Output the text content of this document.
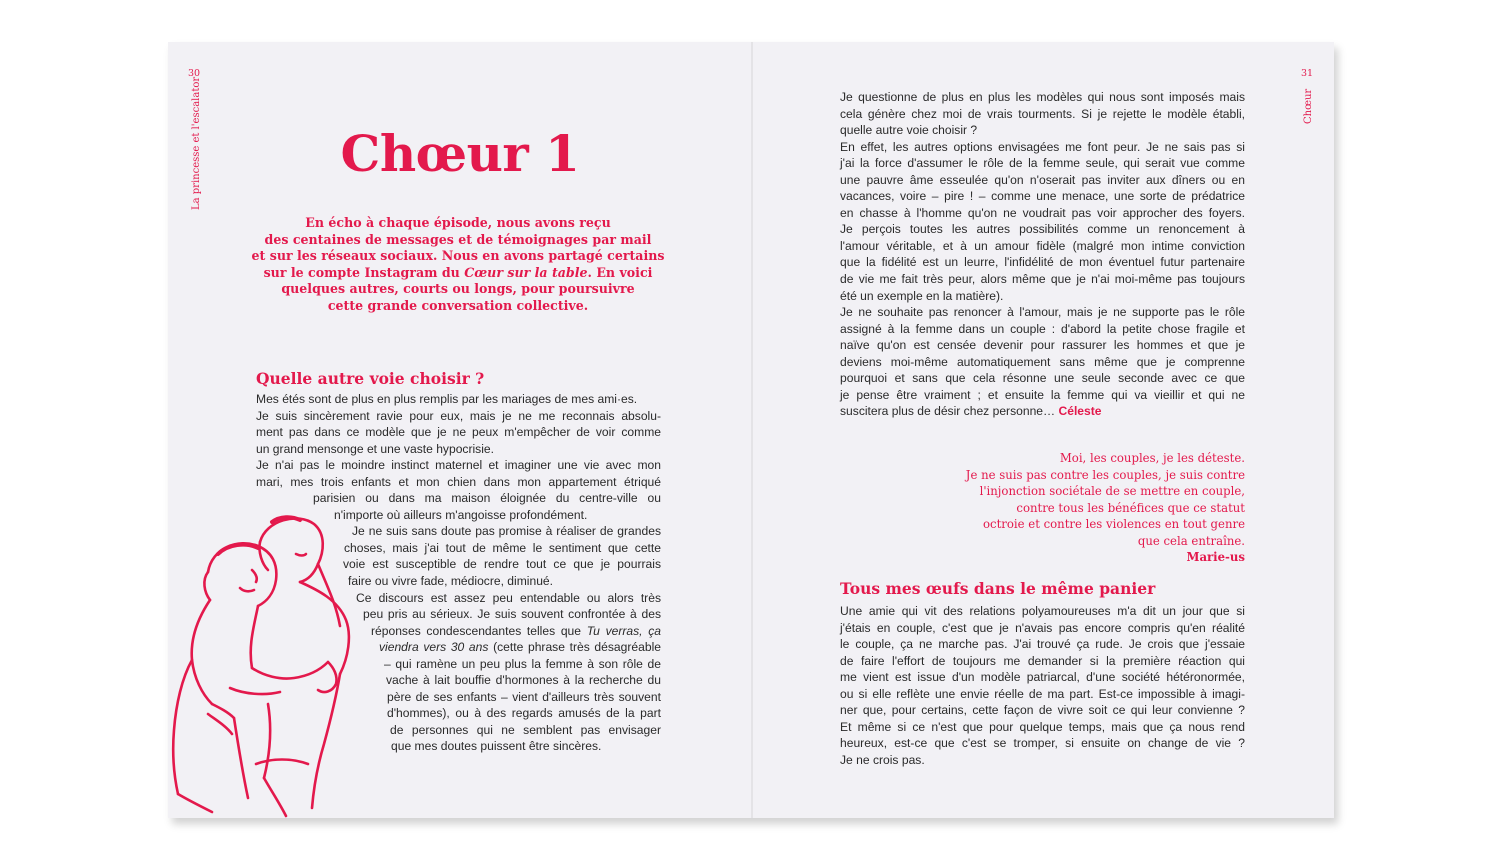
30
La princesse et l'escalator	Chœur 1

En écho à chaque épisode, nous avons reçu

des centaines de messages et de témoignages par mail

et sur les réseaux sociaux. Nous en avons partagé certains

sur le compte Instagram du Cœur sur la table. En voici

quelques autres, courts ou longs, pour poursuivre

cette grande conversation collective.

Quelle autre voie choisir ?
Mes étés sont de plus en plus remplis par les mariages de mes ami·es.
Je suis sincèrement ravie pour eux, mais je ne me reconnais absolu-
ment pas dans ce modèle que je ne peux m'empêcher de voir comme
un grand mensonge et une vaste hypocrisie.
Je n'ai pas le moindre instinct maternel et imaginer une vie avec mon
mari, mes trois enfants et mon chien dans mon appartement étriqué
parisien ou dans ma maison éloignée du centre-ville ou
n'importe où ailleurs m'angoisse profondément.
Je ne suis sans doute pas promise à réaliser de grandes
choses, mais j'ai tout de même le sentiment que cette
voie est susceptible de rendre tout ce que je pourrais
faire ou vivre fade, médiocre, diminué.
Ce discours est assez peu entendable ou alors très
peu pris au sérieux. Je suis souvent confrontée à des
réponses condescendantes telles que Tu verras, ça
viendra vers 30 ans (cette phrase très désagréable
– qui ramène un peu plus la femme à son rôle de
vache à lait bouffie d'hormones à la recherche du
père de ses enfants – vient d'ailleurs très souvent
d'hommes), ou à des regards amusés de la part
de personnes qui ne semblent pas envisager
que mes doutes puissent être sincères.
31
Chœur
Je questionne de plus en plus les modèles qui nous sont imposés mais
cela génère chez moi de vrais tourments. Si je rejette le modèle établi,
quelle autre voie choisir ?
En effet, les autres options envisagées me font peur. Je ne sais pas si
j'ai la force d'assumer le rôle de la femme seule, qui serait vue comme
une pauvre âme esseulée qu'on n'oserait pas inviter aux dîners ou en
vacances, voire – pire ! – comme une menace, une sorte de prédatrice
en chasse à l'homme qu'on ne voudrait pas voir approcher des foyers.
Je perçois toutes les autres possibilités comme un renoncement à
l'amour véritable, et à un amour fidèle (malgré mon intime conviction
que la fidélité est un leurre, l'infidélité de mon éventuel futur partenaire
de vie me fait très peur, alors même que je n'ai moi-même pas toujours
été un exemple en la matière).
Je ne souhaite pas renoncer à l'amour, mais je ne supporte pas le rôle
assigné à la femme dans un couple : d'abord la petite chose fragile et
naïve qu'on est censée devenir pour rassurer les hommes et que je
deviens moi-même automatiquement sans même que je comprenne
pourquoi et sans que cela résonne une seule seconde avec ce que
je pense être vraiment ; et ensuite la femme qui va vieillir et qui ne
suscitera plus de désir chez personne… Céleste
Moi, les couples, je les déteste.
Je ne suis pas contre les couples, je suis contre
l'injonction sociétale de se mettre en couple,
contre tous les bénéfices que ce statut
octroie et contre les violences en tout genre
que cela entraîne.
Marie-us
Tous mes œufs dans le même panier
Une amie qui vit des relations polyamoureuses m'a dit un jour que si
j'étais en couple, c'est que je n'avais pas encore compris qu'en réalité
le couple, ça ne marche pas. J'ai trouvé ça rude. Je crois que j'essaie
de faire l'effort de toujours me demander si la première réaction qui
me vient est issue d'un modèle patriarcal, d'une société hétéronormée,
ou si elle reflète une envie réelle de ma part. Est-ce impossible à imagi-
ner que, pour certains, cette façon de vivre soit ce qui leur convienne ?
Et même si ce n'est que pour quelque temps, mais que ça nous rend
heureux, est-ce que c'est se tromper, si ensuite on change de vie ?
Je ne crois pas.
